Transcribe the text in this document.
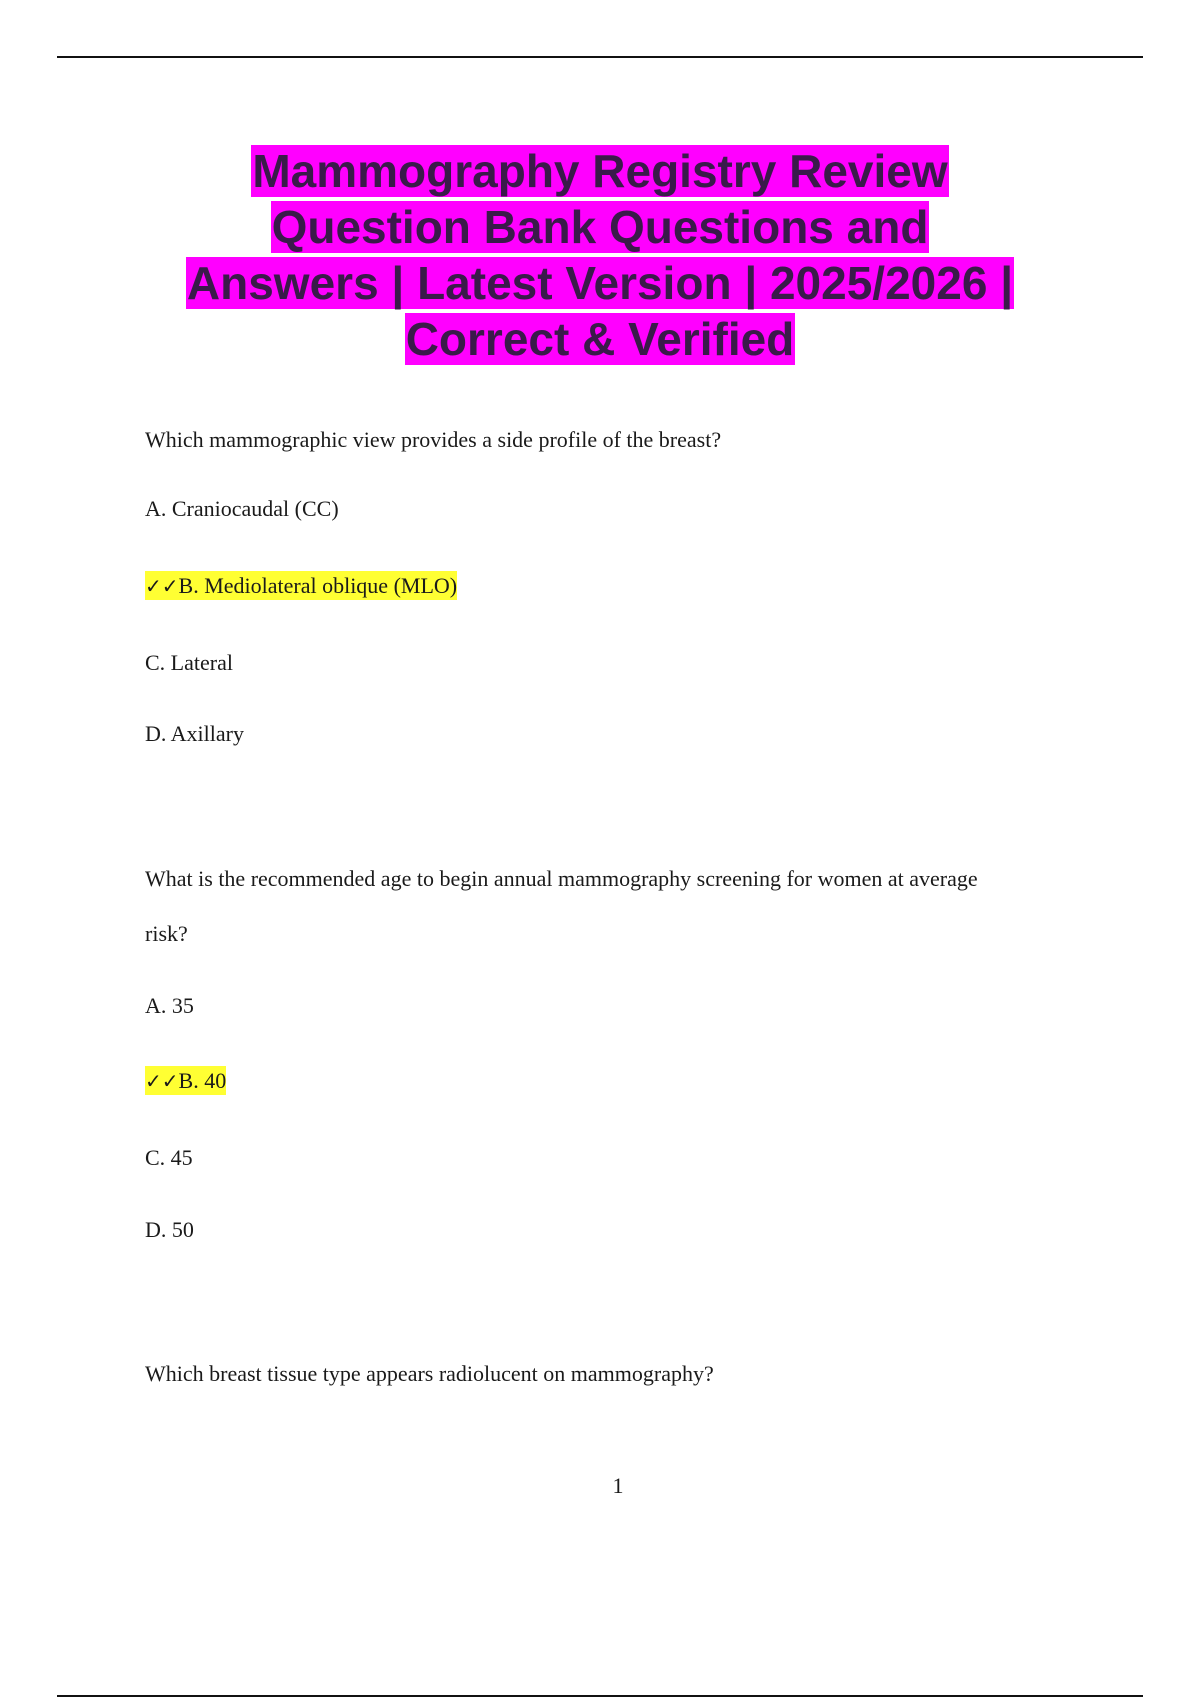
Mammography Registry Review
Question Bank Questions and
Answers | Latest Version | 2025/2026 |
Correct & Verified
Which mammographic view provides a side profile of the breast?
A. Craniocaudal (CC)
✓✓B. Mediolateral oblique (MLO)
C. Lateral
D. Axillary
What is the recommended age to begin annual mammography screening for women at average
risk?
A. 35
✓✓B. 40
C. 45
D. 50
Which breast tissue type appears radiolucent on mammography?
1
